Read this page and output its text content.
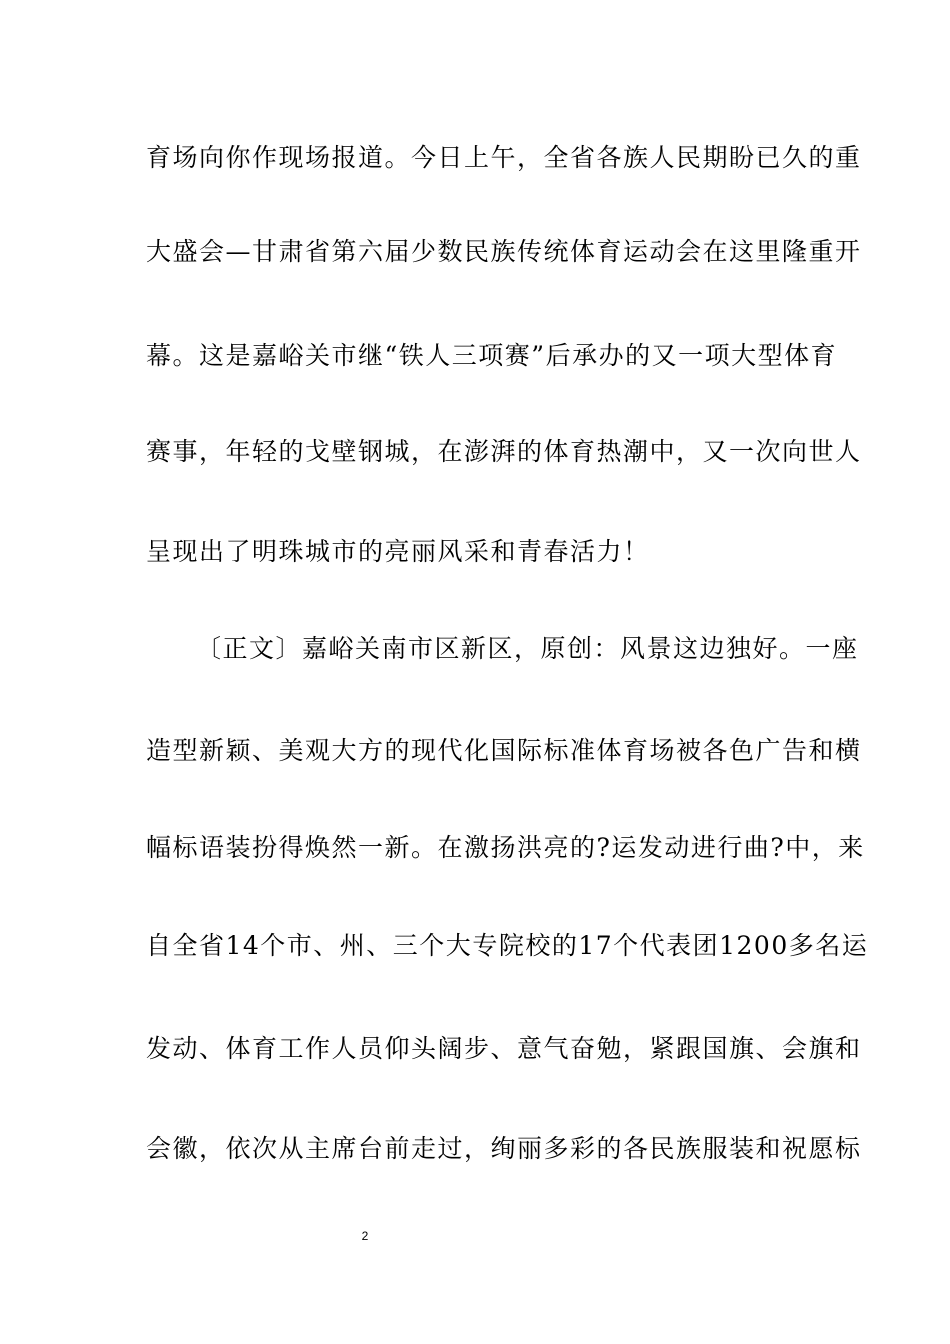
育场向你作现场报道。今日上午，全省各族人民期盼已久的重
大盛会—甘肃省第六届少数民族传统体育运动会在这里隆重开
幕。这是嘉峪关市继“铁人三项赛”后承办的又一项大型体育
赛事，年轻的戈壁钢城，在澎湃的体育热潮中，又一次向世人
呈现出了明珠城市的亮丽风采和青春活力！
〔正文〕嘉峪关南市区新区，原创：风景这边独好。一座
造型新颖、美观大方的现代化国际标准体育场被各色广告和横
幅标语装扮得焕然一新。在激扬洪亮的?运发动进行曲?中，来
自全省14个市、州、三个大专院校的17个代表团1200多名运
发动、体育工作人员仰头阔步、意气奋勉，紧跟国旗、会旗和
会徽，依次从主席台前走过，绚丽多彩的各民族服装和祝愿标
2
